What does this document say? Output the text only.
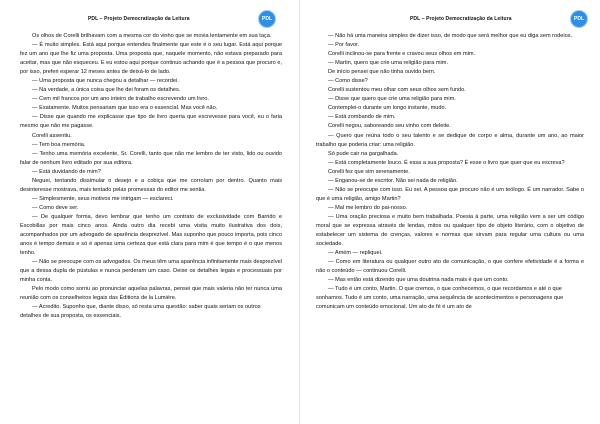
PDL – Projeto Democratização da Leitura	PDL

Os olhos de Corelli brilhavam com a mesma cor do vinho que se movia lentamente em sua taça.

— É muito simples. Está aqui porque entendeu finalmente que este é o seu lugar. Está aqui porque fez um ano que lhe fiz uma proposta. Uma proposta que, naquele momento, não estava preparado para aceitar, mas que não esqueceu. E eu estou aqui porque continuo achando que é a pessoa que procuro e, por isso, preferi esperar 12 meses antes de deixá-lo de lado.

— Uma proposta que nunca chegou a detalhar — recordei.

— Na verdade, a única coisa que lhe dei foram os detalhes.

— Cem mil francos por um ano inteiro de trabalho escrevendo um livro.

— Exatamente. Muitos pensariam que isso era o essencial. Mas você não.

— Disse que quando me explicasse que tipo de livro queria que escrevesse para você, eu o faria mesmo que não me pagasse.

Corelli assentiu.

— Tem boa memória.

— Tenho uma memória excelente, Sr. Corelli, tanto que não me lembro de ter visto, lido ou ouvido falar de nenhum livro editado por sua editora.

— Está duvidando de mim?

Neguei, tentando dissimular o desejo e a cobiça que me corroíam por dentro. Quanto mais desinteresse mostrava, mais tentado pelas promessas do editor me sentia.

— Simplesmente, seus motivos me intrigam — esclareci.

— Como deve ser.

— De qualquer forma, devo lembrar que tenho um contrato de exclusividade com Barrido e Escobillas por mais cinco anos. Ainda outro dia recebi uma visita muito ilustrativa dos dois, acompanhados por um advogado de aparência desprezível. Mas suponho que pouco importa, pois cinco anos é tempo demais e só é apenas uma certeza que está clara para mim é que tempo é o que menos tenho.

— Não se preocupe com os advogados. Os meus têm uma aparência infinitamente mais desprezível que a dessa dupla de pústulas e nunca perderam um caso. Deixe os detalhes legais e processuais por minha conta.

Pelo modo como sorriu ao pronunciar aquelas palavras, pensei que mais valeria não ter nunca uma reunião com os conselheiros legais das Éditions de la Lumière.

— Acredito. Suponho que, diante disso, só resta uma questão: saber quais seriam os outros detalhes de sua proposta, os essenciais.

PDL – Projeto Democratização da Leitura	PDL

— Não há uma maneira simples de dizer isso, de modo que será melhor que eu diga sem rodeios.

— Por favor.

Corelli inclinou-se para frente e cravou seus olhos em mim.

— Martin, quero que crie uma religião para mim.

De início pensei que não tinha ouvido bem.

— Como disse?

Corelli sustentou meu olhar com seus olhos sem fundo.

— Disse que quero que crie uma religião para mim.

Contemplei-o durante um longo instante, mudo.

— Está zombando de mim.

Corelli negou, saboreando seu vinho com deleite.

— Quero que reúna todo o seu talento e se dedique de corpo e alma, durante um ano, ao maior trabalho que poderia criar: uma religião.

Só pude cair na gargalhada.

— Está completamente louco. É essa a sua proposta? É esse o livro que quer que eu escreva?

Corelli fez que sim serenamente.

— Enganou-se de escritor. Não sei nada de religião.

— Não se preocupe com isso. Eu sei. A pessoa que procuro não é um teólogo. É um narrador. Sabe o que é uma religião, amigo Martin?

— Mal me lembro do pai-nosso.

— Uma oração preciosa e muito bem trabalhada. Poesia à parte, uma religião vem a ser um código moral que se expressa através de lendas, mitos ou qualquer tipo de objeto literário, com o objetivo de estabelecer um sistema de crenças, valores e normas que sirvam para regular uma cultura ou uma sociedade.

— Amém — repliquei.

— Como em literatura ou qualquer outro ato de comunicação, o que confere efetividade é a forma e não o conteúdo — continuou Corelli.

— Mas então está dizendo que uma doutrina nada mais é que um conto.

— Tudo é um conto, Martin. O que cremos, o que conhecemos, o que recordamos e até o que sonhamos. Tudo é um conto, uma narração, uma sequência de acontecimentos e personagens que comunicam um conteúdo emocional. Um ato de fé é um ato de
